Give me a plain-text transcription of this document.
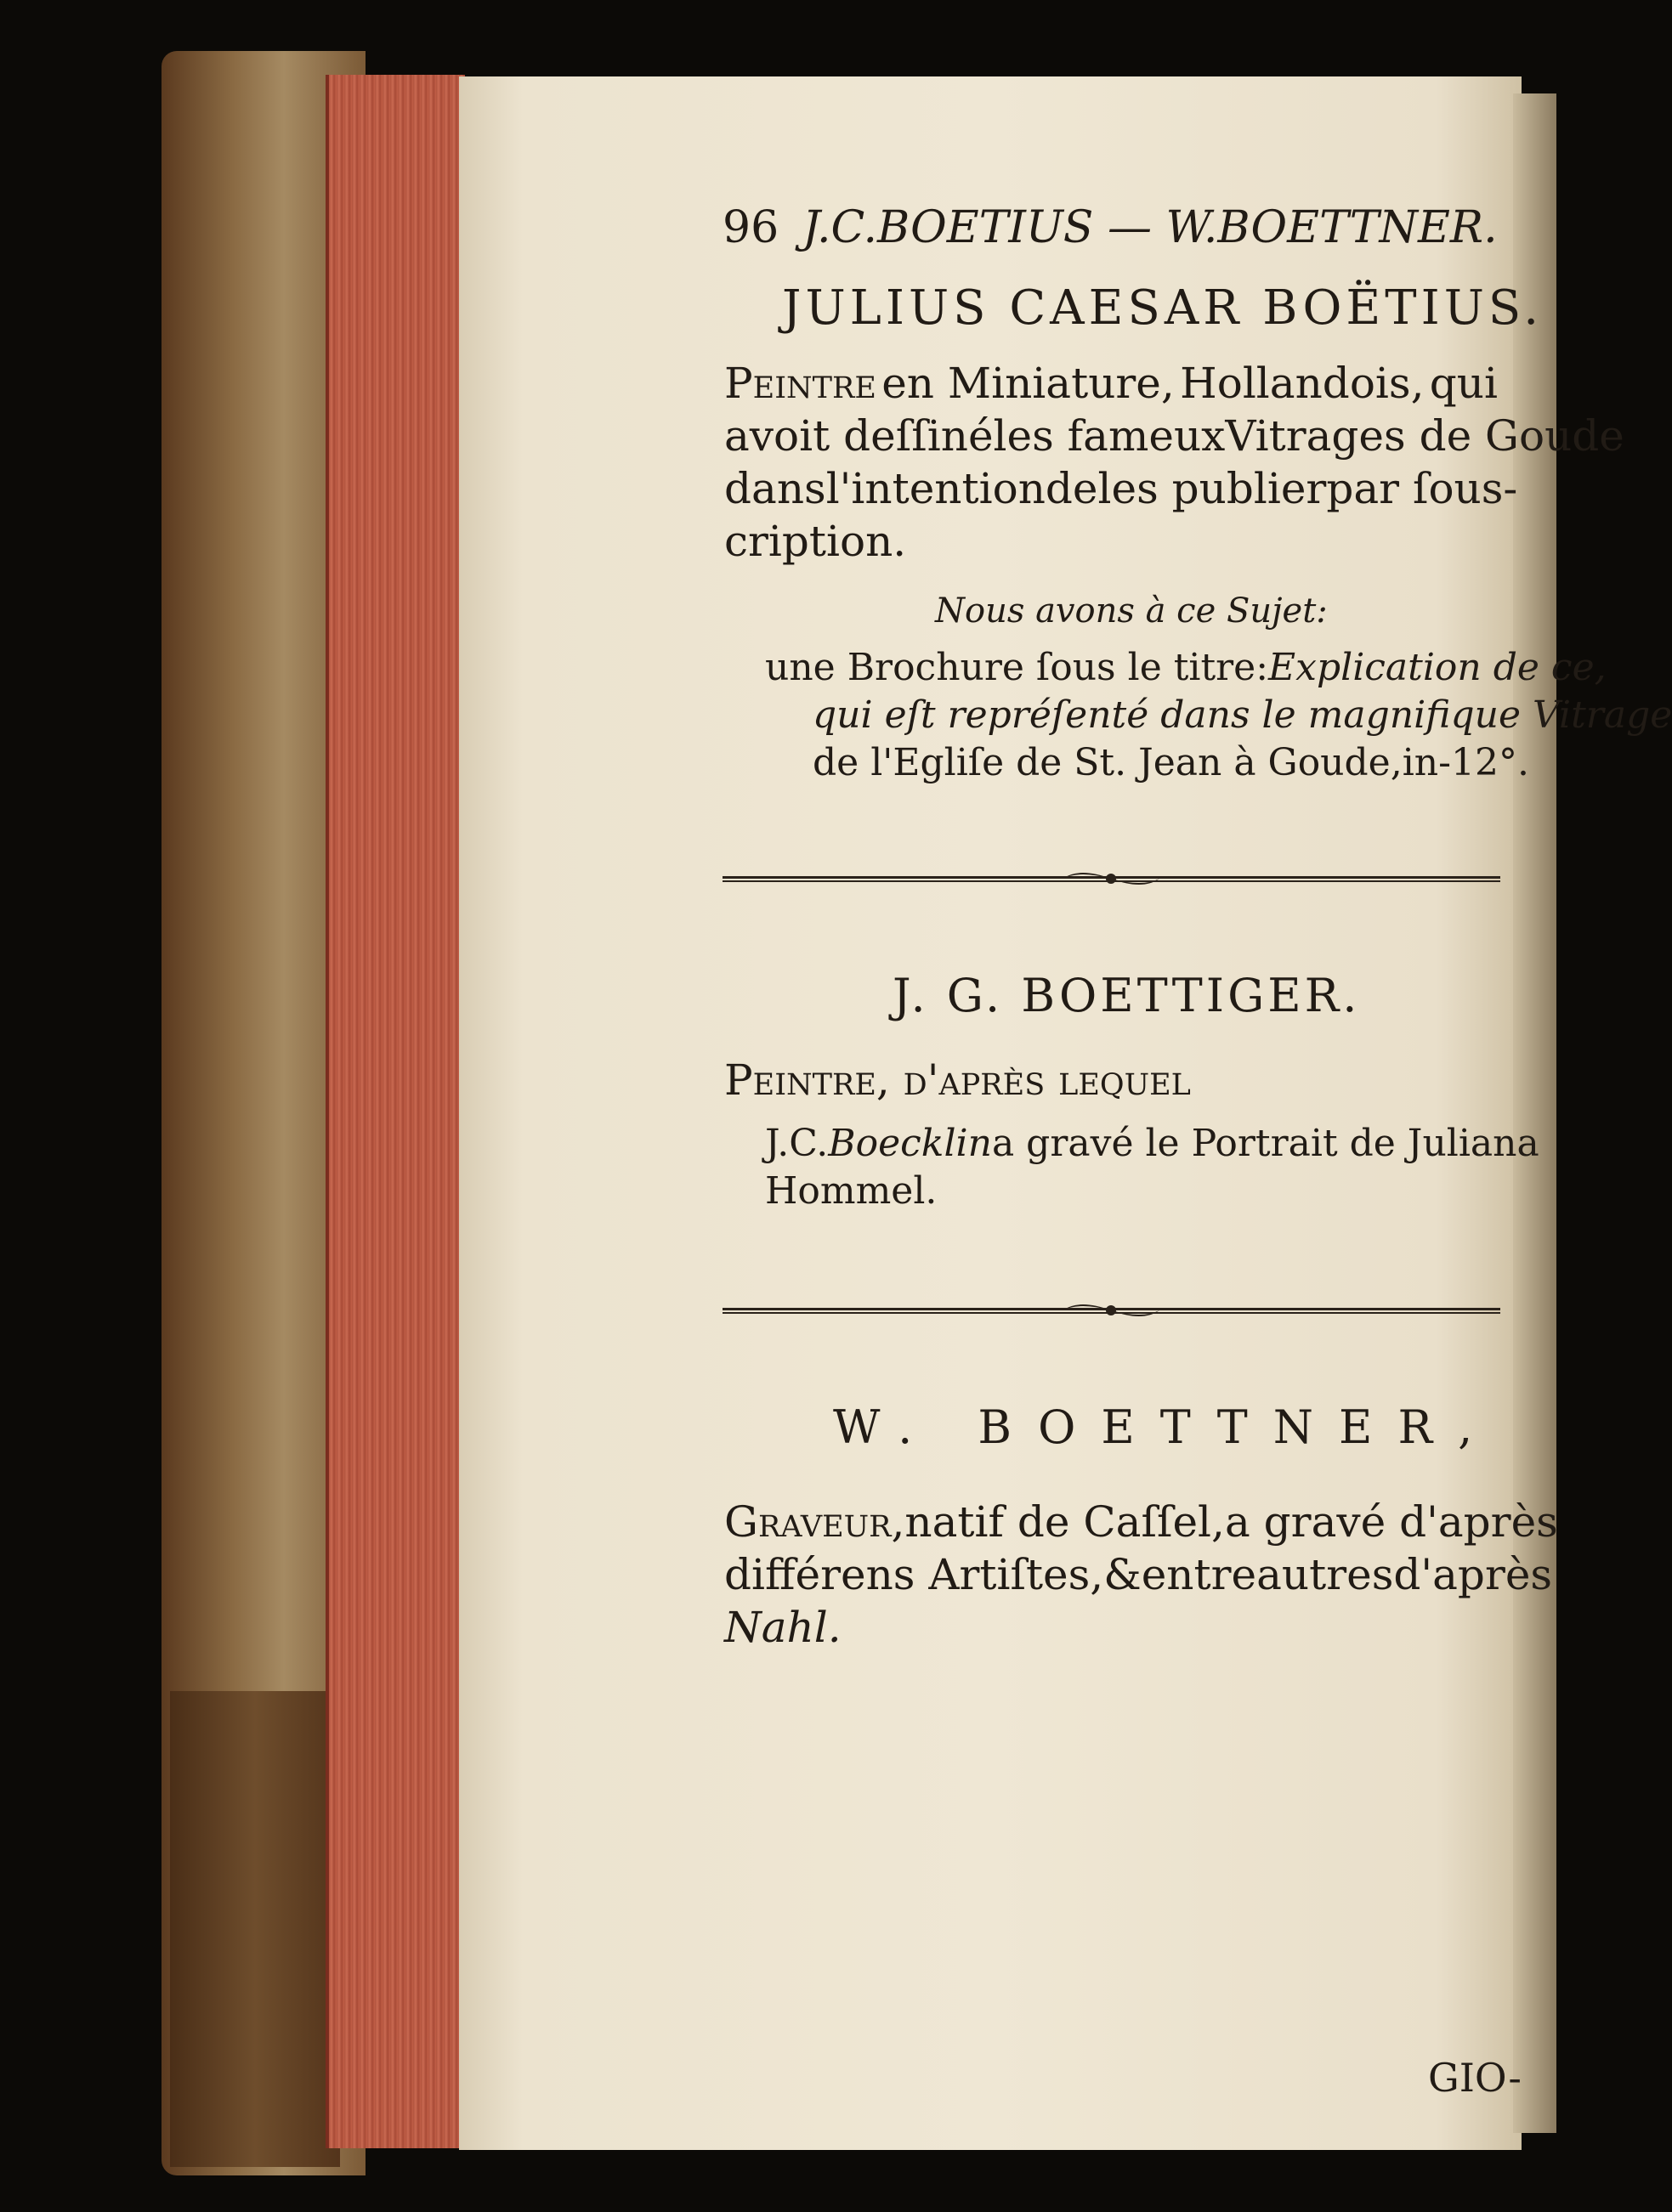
96 J.C.BOETIUS — W.BOETTNER.
JULIUS CAESAR BOËTIUS.
Peintre en Miniature, Hollandois, qui
avoit deſſiné les fameux Vitrages de Goude
dans l'intention de les publier par ſous-
cription.
Nous avons à ce Sujet:
une Brochure ſous le titre: Explication de ce,
qui eſt repréſenté dans le magnifique Vitrage
de l'Egliſe de St. Jean à Goude, in-12°.
J. G. BOETTIGER.
Peintre, d'après lequel
J.C. Boecklin a gravé le Portrait de Juliana
Hommel.
W. BOETTNER,
Graveur, natif de Caſſel, a gravé d'après
différens Artiſtes, & entre autres d'après
Nahl.
GIO-
